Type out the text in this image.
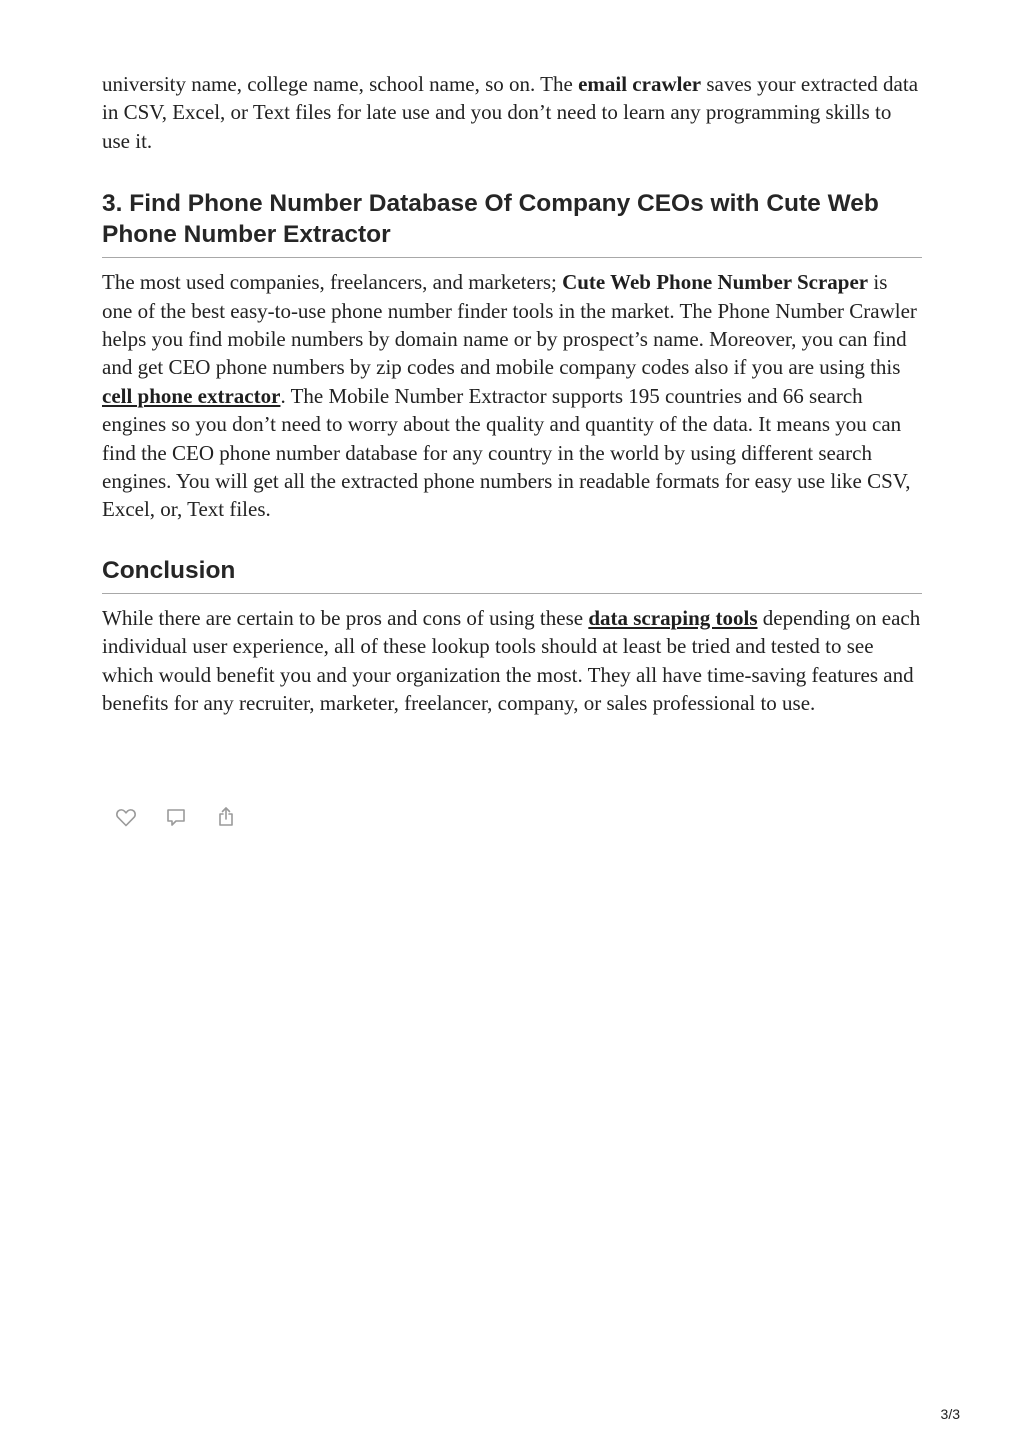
university name, college name, school name, so on. The email crawler saves your extracted data in CSV, Excel, or Text files for late use and you don’t need to learn any programming skills to use it.

3. Find Phone Number Database Of Company CEOs with Cute Web Phone Number Extractor

The most used companies, freelancers, and marketers; Cute Web Phone Number Scraper is one of the best easy-to-use phone number finder tools in the market. The Phone Number Crawler helps you find mobile numbers by domain name or by prospect’s name. Moreover, you can find and get CEO phone numbers by zip codes and mobile company codes also if you are using this cell phone extractor. The Mobile Number Extractor supports 195 countries and 66 search engines so you don’t need to worry about the quality and quantity of the data. It means you can find the CEO phone number database for any country in the world by using different search engines. You will get all the extracted phone numbers in readable formats for easy use like CSV, Excel, or, Text files.

Conclusion

While there are certain to be pros and cons of using these data scraping tools depending on each individual user experience, all of these lookup tools should at least be tried and tested to see which would benefit you and your organization the most. They all have time-saving features and benefits for any recruiter, marketer, freelancer, company, or sales professional to use.

3/3
